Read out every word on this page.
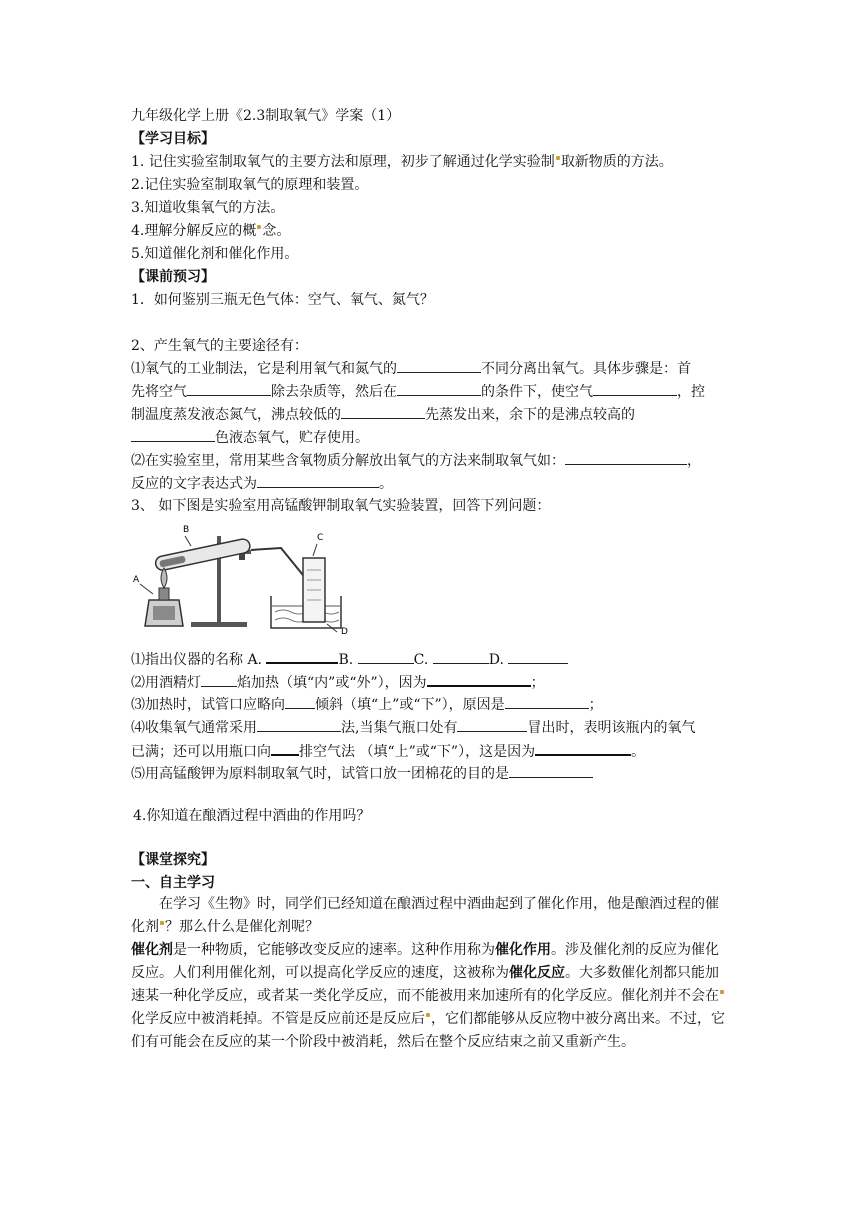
九年级化学上册《2.3制取氧气》学案（1）
【学习目标】
1. 记住实验室制取氧气的主要方法和原理，初步了解通过化学实验制 取新物质的方法。
2.记住实验室制取氧气的原理和装置。
3.知道收集氧气的方法。
4.理解分解反应的概 念。
5.知道催化剂和催化作用。
【课前预习】
1．如何鉴别三瓶无色气体：空气、氧气、氮气？
2、产生氧气的主要途径有：
⑴氧气的工业制法，它是利用氧气和氮气的	不同分离出氧气。具体步骤是：首
先将空气	除去杂质等，然后在	的条件下，使空气	，控
制温度蒸发液态氮气，沸点较低的	先蒸发出来，余下的是沸点较高的
色液态氧气，贮存使用。
⑵在实验室里，常用某些含氧物质分解放出氧气的方法来制取氧气如：	，
反应的文字表达式为	。
3、 如下图是实验室用高锰酸钾制取氧气实验装置，回答下列问题：
B
A
C
D
⑴指出仪器的名称 A.	B.	C.	D.
⑵用酒精灯	焰加热（填“内”或“外”），因为	；
⑶加热时，试管口应略向 倾斜（填“上”或“下”），原因是	；
⑷收集氧气通常采用	法,当集气瓶口处有	冒出时，表明该瓶内的氧气
已满；还可以用瓶口向 排空气法 （填“上”或“下”），这是因为	。
⑸用高锰酸钾为原料制取氧气时，试管口放一团棉花的目的是
4.你知道在酿酒过程中酒曲的作用吗？
【课堂探究】
一、自主学习
在学习《生物》时，同学们已经知道在酿酒过程中酒曲起到了催化作用，他是酿酒过程的催化剂 ？那么什么是催化剂呢？
催化剂是一种物质，它能够改变反应的速率。这种作用称为催化作用。涉及催化剂的反应为催化反应。人们利用催化剂，可以提高化学反应的速度，这被称为催化反应。大多数催化剂都只能加速某一种化学反应，或者某一类化学反应，而不能被用来加速所有的化学反应。催化剂并不会在化学反应中被消耗掉。不管是反应前还是反应后 ，它们都能够从反应物中被分离出来。不过，它们有可能会在反应的某一个阶段中被消耗，然后在整个反应结束之前又重新产生。
